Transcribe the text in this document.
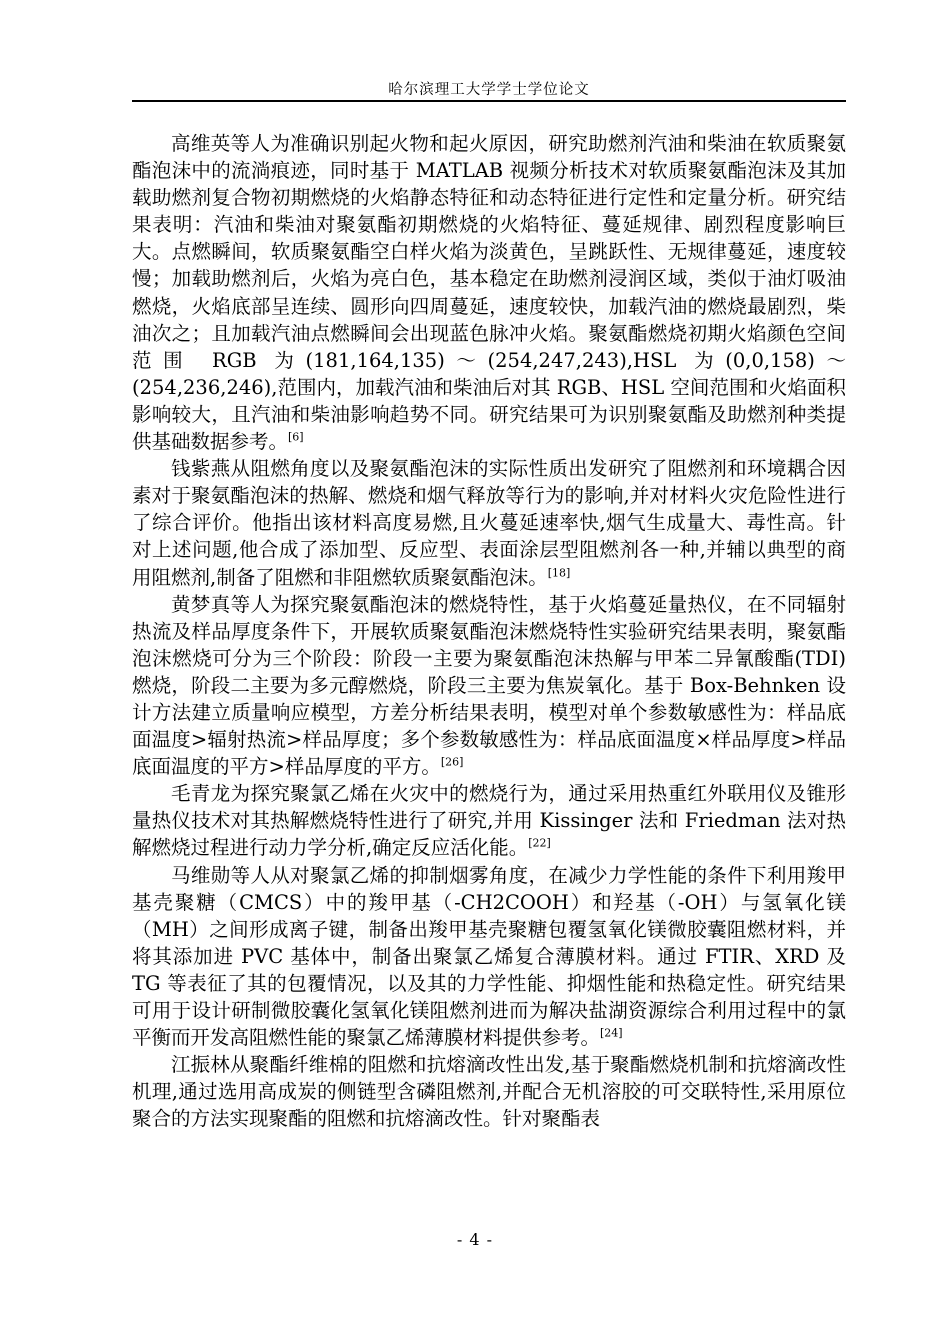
哈尔滨理工大学学士学位论文

高维英等人为准确识别起火物和起火原因，研究助燃剂汽油和柴油在软质聚氨酯泡沫中的流淌痕迹，同时基于 MATLAB 视频分析技术对软质聚氨酯泡沫及其加载助燃剂复合物初期燃烧的火焰静态特征和动态特征进行定性和定量分析。研究结果表明：汽油和柴油对聚氨酯初期燃烧的火焰特征、蔓延规律、剧烈程度影响巨大。点燃瞬间，软质聚氨酯空白样火焰为淡黄色，呈跳跃性、无规律蔓延，速度较慢；加载助燃剂后，火焰为亮白色，基本稳定在助燃剂浸润区域，类似于油灯吸油燃烧，火焰底部呈连续、圆形向四周蔓延，速度较快，加载汽油的燃烧最剧烈，柴油次之；且加载汽油点燃瞬间会出现蓝色脉冲火焰。聚氨酯燃烧初期火焰颜色空间范围 RGB 为(181,164,135)～(254,247,243),HSL 为(0,0,158)～(254,236,246),范围内，加载汽油和柴油后对其 RGB、HSL 空间范围和火焰面积影响较大，且汽油和柴油影响趋势不同。研究结果可为识别聚氨酯及助燃剂种类提供基础数据参考。[6]

钱紫燕从阻燃角度以及聚氨酯泡沫的实际性质出发研究了阻燃剂和环境耦合因素对于聚氨酯泡沫的热解、燃烧和烟气释放等行为的影响,并对材料火灾危险性进行了综合评价。他指出该材料高度易燃,且火蔓延速率快,烟气生成量大、毒性高。针对上述问题,他合成了添加型、反应型、表面涂层型阻燃剂各一种,并辅以典型的商用阻燃剂,制备了阻燃和非阻燃软质聚氨酯泡沫。[18]

黄梦真等人为探究聚氨酯泡沫的燃烧特性，基于火焰蔓延量热仪，在不同辐射热流及样品厚度条件下，开展软质聚氨酯泡沫燃烧特性实验研究结果表明，聚氨酯泡沫燃烧可分为三个阶段：阶段一主要为聚氨酯泡沫热解与甲苯二异氰酸酯(TDI)燃烧，阶段二主要为多元醇燃烧，阶段三主要为焦炭氧化。基于 Box-Behnken 设计方法建立质量响应模型，方差分析结果表明，模型对单个参数敏感性为：样品底面温度>辐射热流>样品厚度；多个参数敏感性为：样品底面温度×样品厚度>样品底面温度的平方>样品厚度的平方。[26]

毛青龙为探究聚氯乙烯在火灾中的燃烧行为，通过采用热重红外联用仪及锥形量热仪技术对其热解燃烧特性进行了研究,并用 Kissinger 法和 Friedman 法对热解燃烧过程进行动力学分析,确定反应活化能。[22]

马维勋等人从对聚氯乙烯的抑制烟雾角度，在减少力学性能的条件下利用羧甲基壳聚糖（CMCS）中的羧甲基（-CH2COOH）和羟基（-OH）与氢氧化镁（MH）之间形成离子键，制备出羧甲基壳聚糖包覆氢氧化镁微胶囊阻燃材料，并将其添加进 PVC 基体中，制备出聚氯乙烯复合薄膜材料。通过 FTIR、XRD 及 TG 等表征了其的包覆情况，以及其的力学性能、抑烟性能和热稳定性。研究结果可用于设计研制微胶囊化氢氧化镁阻燃剂进而为解决盐湖资源综合利用过程中的氯平衡而开发高阻燃性能的聚氯乙烯薄膜材料提供参考。[24]

江振林从聚酯纤维棉的阻燃和抗熔滴改性出发,基于聚酯燃烧机制和抗熔滴改性机理,通过选用高成炭的侧链型含磷阻燃剂,并配合无机溶胶的可交联特性,采用原位聚合的方法实现聚酯的阻燃和抗熔滴改性。针对聚酯表

- 4 -
